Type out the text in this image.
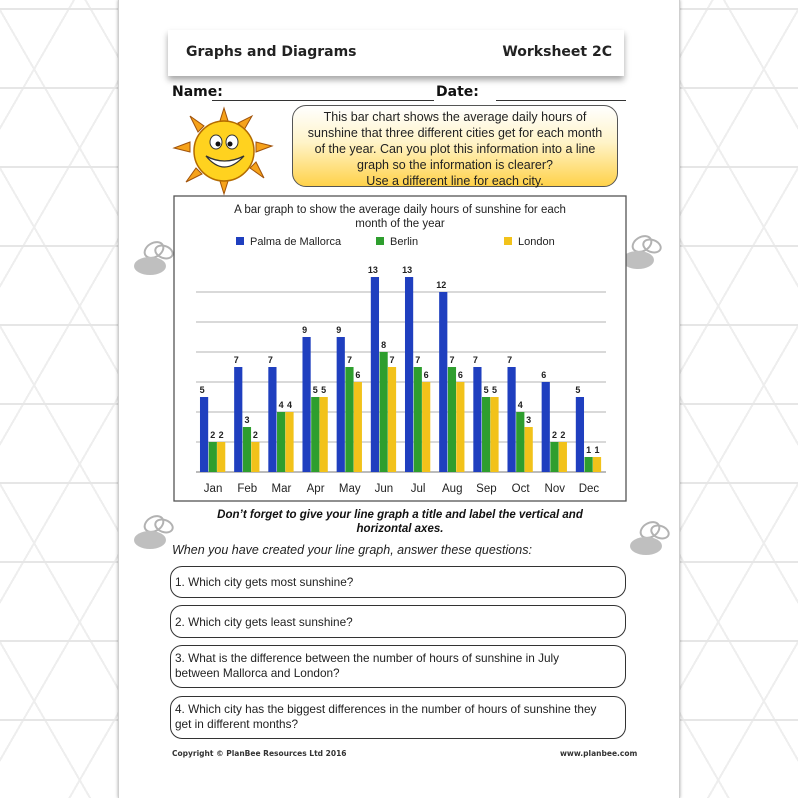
Graphs and Diagrams	Worksheet 2C
Name:	Date:
This bar chart shows the average daily hours of
sunshine that three different cities get for each month
of the year. Can you plot this information into a line
graph so the information is clearer?
Use a different line for each city.
A bar graph to show the average daily hours of sunshine for each
month of the year
Palma de Mallorca	Berlin	London
5
2 2
7
3
2
7
4 4
9
5 5
9
7
6
13
8
7
13
7
6
12
7
6
7
5 5
7
4
3
6
2 2
5
1 1
Jan Feb Mar Apr May Jun Jul Aug Sep Oct Nov Dec
Don’t forget to give your line graph a title and label the vertical and
horizontal axes.
When you have created your line graph, answer these questions:
1. Which city gets most sunshine?
2. Which city gets least sunshine?
3. What is the difference between the number of hours of sunshine in July
between Mallorca and London?
4. Which city has the biggest differences in the number of hours of sunshine they
get in different months?
Copyright © PlanBee Resources Ltd 2016	www.planbee.com
